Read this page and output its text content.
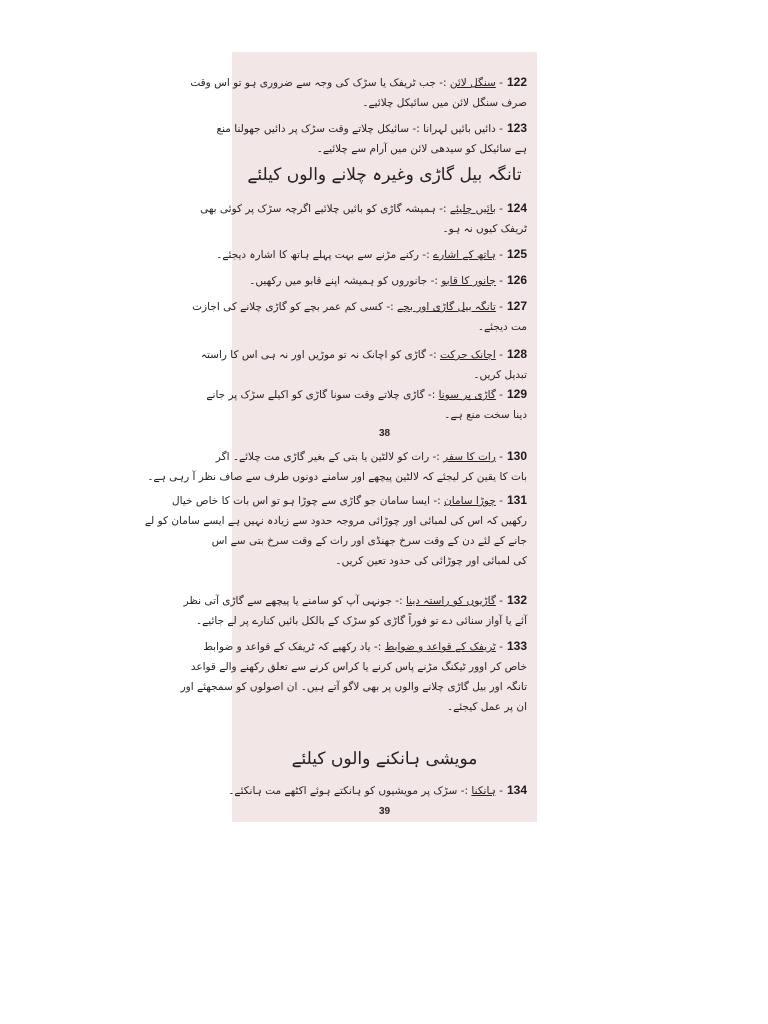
122- سنگل لائن :- جب ٹریفک یا سڑک کی وجہ سے ضروری ہو تو اس وقت
صرف سنگل لائن میں سائیکل چلائیے۔
123- دائیں بائیں لہرانا :- سائیکل چلاتے وقت سڑک پر دائیں جھولنا منع
ہے سائیکل کو سیدھی لائن میں آرام سے چلائیے۔
تانگہ بیل گاڑی وغیرہ چلانے والوں کیلئے
124- بائیں چلیئے :- ہمیشہ گاڑی کو بائیں چلائیے اگرچہ سڑک پر کوئی بھی
ٹریفک کیوں نہ ہو۔
125- ہاتھ کے اشارے :- رکنے مڑنے سے بہت پہلے ہاتھ کا اشارہ دیجئے۔
126- جانور کا قابو :- جانوروں کو ہمیشہ اپنے قابو میں رکھیں۔
127- تانگہ بیل گاڑی اور بچے :- کسی کم عمر بچے کو گاڑی چلانے کی اجازت
مت دیجئے۔
128- اچانک حرکت :- گاڑی کو اچانک نہ تو موڑیں اور نہ ہی اس کا راستہ
تبدیل کریں۔
129- گاڑی پر سونا :- گاڑی چلاتے وقت سونا گاڑی کو اکیلے سڑک پر جانے
دینا سخت منع ہے۔
38
130- رات کا سفر :- رات کو لالٹین یا بتی کے بغیر گاڑی مت چلائے۔ اگر
بات کا یقین کر لیجئے کہ لالٹین پیچھے اور سامنے دونوں طرف سے صاف نظر آ رہی ہے۔
131- چوڑا سامان :- ایسا سامان جو گاڑی سے چوڑا ہو تو اس بات کا خاص خیال
رکھیں کہ اس کی لمبائی اور چوڑائی مروجہ حدود سے زیادہ نہیں ہے ایسے سامان کو لے
جانے کے لئے دن کے وقت سرخ جھنڈی اور رات کے وقت سرخ بتی سے اس
کی لمبائی اور چوڑائی کی حدود تعین کریں۔
132- گاڑیوں کو راستہ دینا :- جونہی آپ کو سامنے یا پیچھے سے گاڑی آتی نظر
آئے یا آواز سنائی دے تو فوراً گاڑی کو سڑک کے بالکل بائیں کنارے پر لے جائیے۔
133- ٹریفک کے قواعد و ضوابط :- یاد رکھیے کہ ٹریفک کے قواعد و ضوابط
خاص کر اوور ٹیکنگ مڑنے پاس کرنے یا کراس کرنے سے تعلق رکھنے والے قواعد
تانگہ اور بیل گاڑی چلانے والوں پر بھی لاگو آتے ہیں۔ ان اصولوں کو سمجھئے اور
ان پر عمل کیجئے۔
مویشی ہانکنے والوں کیلئے
134- ہانکنا :- سڑک پر مویشیوں کو ہانکتے ہوئے اکٹھے مت ہانکئے۔
39
